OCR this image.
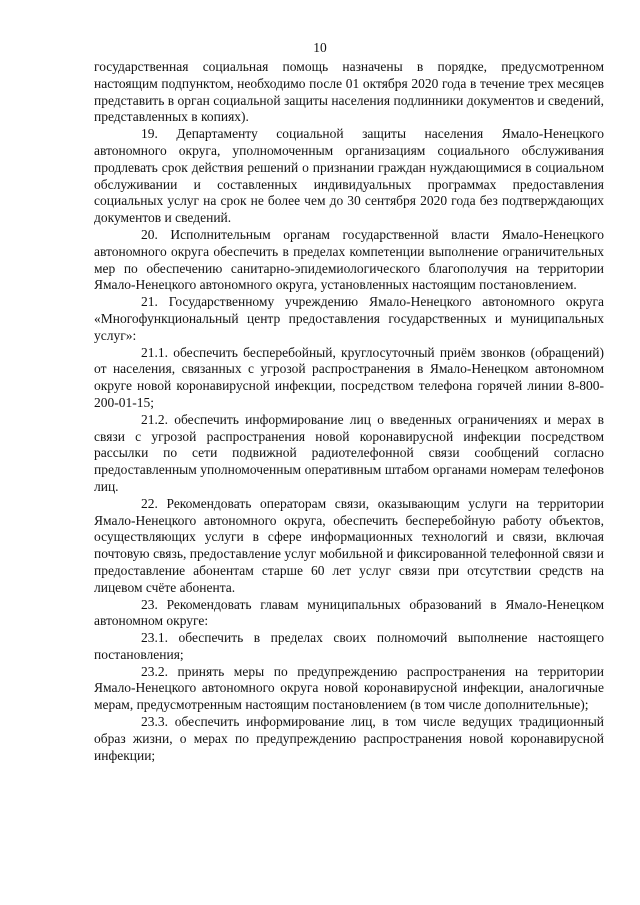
10

государственная социальная помощь назначены в порядке, предусмотренном настоящим подпунктом, необходимо после 01 октября 2020 года в течение трех месяцев представить в орган социальной защиты населения подлинники документов и сведений, представленных в копиях).

19. Департаменту социальной защиты населения Ямало-Ненецкого автономного округа, уполномоченным организациям социального обслуживания продлевать срок действия решений о признании граждан нуждающимися в социальном обслуживании и составленных индивидуальных программах предоставления социальных услуг на срок не более чем до 30 сентября 2020 года без подтверждающих документов и сведений.

20. Исполнительным органам государственной власти Ямало-Ненецкого автономного округа обеспечить в пределах компетенции выполнение ограничительных мер по обеспечению санитарно-эпидемиологического благополучия на территории Ямало-Ненецкого автономного округа, установленных настоящим постановлением.

21. Государственному учреждению Ямало-Ненецкого автономного округа «Многофункциональный центр предоставления государственных и муниципальных услуг»:

21.1. обеспечить бесперебойный, круглосуточный приём звонков (обращений) от населения, связанных с угрозой распространения в Ямало-Ненецком автономном округе новой коронавирусной инфекции, посредством телефона горячей линии 8-800-200-01-15;

21.2. обеспечить информирование лиц о введенных ограничениях и мерах в связи с угрозой распространения новой коронавирусной инфекции посредством рассылки по сети подвижной радиотелефонной связи сообщений согласно предоставленным уполномоченным оперативным штабом органами номерам телефонов лиц.

22. Рекомендовать операторам связи, оказывающим услуги на территории Ямало-Ненецкого автономного округа, обеспечить бесперебойную работу объектов, осуществляющих услуги в сфере информационных технологий и связи, включая почтовую связь, предоставление услуг мобильной и фиксированной телефонной связи и предоставление абонентам старше 60 лет услуг связи при отсутствии средств на лицевом счёте абонента.

23. Рекомендовать главам муниципальных образований в Ямало-Ненецком автономном округе:

23.1. обеспечить в пределах своих полномочий выполнение настоящего постановления;

23.2. принять меры по предупреждению распространения на территории Ямало-Ненецкого автономного округа новой коронавирусной инфекции, аналогичные мерам, предусмотренным настоящим постановлением (в том числе дополнительные);

23.3. обеспечить информирование лиц, в том числе ведущих традиционный образ жизни, о мерах по предупреждению распространения новой коронавирусной инфекции;
